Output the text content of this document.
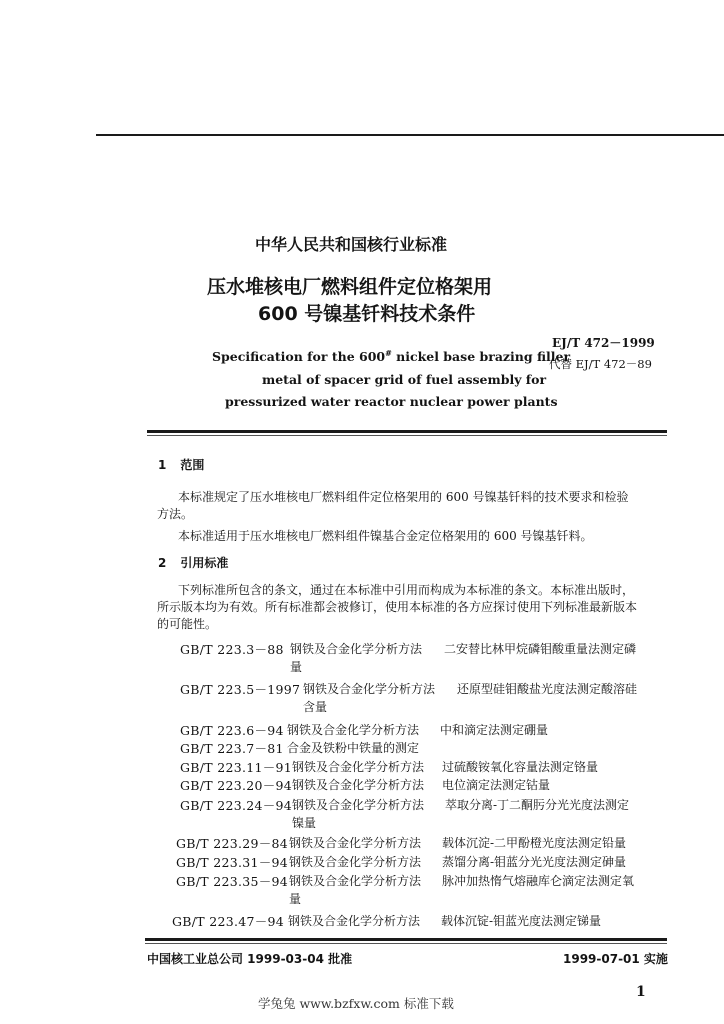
中华人民共和国核行业标准
压水堆核电厂燃料组件定位格架用
600 号镍基钎料技术条件
EJ/T 472－1999
代替 EJ/T 472－89
Specification for the 600# nickel base brazing filler
metal of spacer grid of fuel assembly for
pressurized water reactor nuclear power plants
1 范围
本标准规定了压水堆核电厂燃料组件定位格架用的 600 号镍基钎料的技术要求和检验
方法。
本标准适用于压水堆核电厂燃料组件镍基合金定位格架用的 600 号镍基钎料。
2 引用标准
下列标准所包含的条文，通过在本标准中引用而构成为本标准的条文。本标准出版时，
所示版本均为有效。所有标准都会被修订，使用本标准的各方应探讨使用下列标准最新版本
的可能性。
GB/T 223.3－88 钢铁及合金化学分析方法 二安替比林甲烷磷钼酸重量法测定磷
量
GB/T 223.5－1997 钢铁及合金化学分析方法 还原型硅钼酸盐光度法测定酸溶硅
含量
GB/T 223.6－94 钢铁及合金化学分析方法 中和滴定法测定硼量
GB/T 223.7－81 合金及铁粉中铁量的测定
GB/T 223.11－91 钢铁及合金化学分析方法 过硫酸铵氧化容量法测定铬量
GB/T 223.20－94 钢铁及合金化学分析方法 电位滴定法测定钴量
GB/T 223.24－94 钢铁及合金化学分析方法 萃取分离-丁二酮肟分光光度法测定
镍量
GB/T 223.29－84 钢铁及合金化学分析方法 载体沉淀-二甲酚橙光度法测定铅量
GB/T 223.31－94 钢铁及合金化学分析方法 蒸馏分离-钼蓝分光光度法测定砷量
GB/T 223.35－94 钢铁及合金化学分析方法 脉冲加热惰气熔融库仑滴定法测定氧
量
GB/T 223.47－94 钢铁及合金化学分析方法 载体沉锭-钼蓝光度法测定锑量
中国核工业总公司 1999-03-04 批准	1999-07-01 实施
1
学兔兔 www.bzfxw.com 标准下载
